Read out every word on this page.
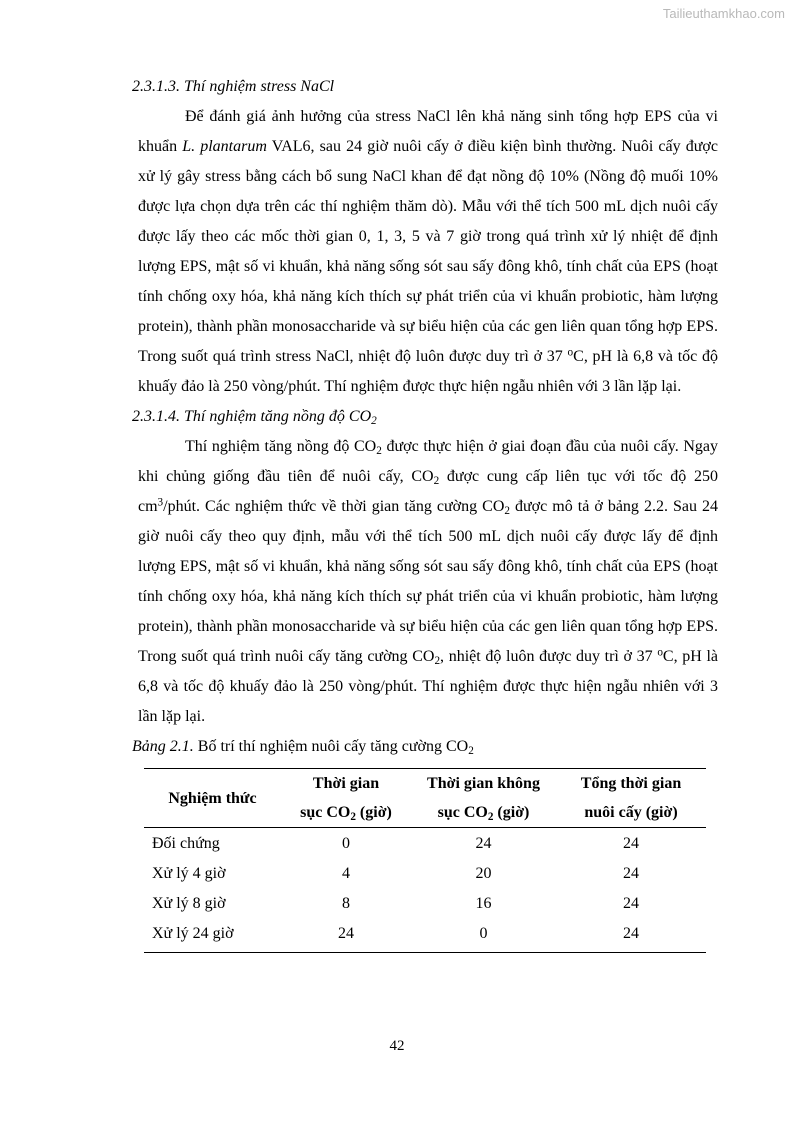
Tailieuthamkhao.com

2.3.1.3. Thí nghiệm stress NaCl

Để đánh giá ảnh hưởng của stress NaCl lên khả năng sinh tổng hợp EPS của vi khuẩn L. plantarum VAL6, sau 24 giờ nuôi cấy ở điều kiện bình thường. Nuôi cấy được xử lý gây stress bằng cách bổ sung NaCl khan để đạt nồng độ 10% (Nồng độ muối 10% được lựa chọn dựa trên các thí nghiệm thăm dò). Mẫu với thể tích 500 mL dịch nuôi cấy được lấy theo các mốc thời gian 0, 1, 3, 5 và 7 giờ trong quá trình xử lý nhiệt để định lượng EPS, mật số vi khuẩn, khả năng sống sót sau sấy đông khô, tính chất của EPS (hoạt tính chống oxy hóa, khả năng kích thích sự phát triển của vi khuẩn probiotic, hàm lượng protein), thành phần monosaccharide và sự biểu hiện của các gen liên quan tổng hợp EPS. Trong suốt quá trình stress NaCl, nhiệt độ luôn được duy trì ở 37 $^o$C, pH là 6,8 và tốc độ khuấy đảo là 250 vòng/phút. Thí nghiệm được thực hiện ngẫu nhiên với 3 lần lặp lại.

2.3.1.4. Thí nghiệm tăng nồng độ $CO_2$

Thí nghiệm tăng nồng độ $CO_2$ được thực hiện ở giai đoạn đầu của nuôi cấy. Ngay khi chủng giống đầu tiên để nuôi cấy, $CO_2$ được cung cấp liên tục với tốc độ 250 $cm^3$/phút. Các nghiệm thức về thời gian tăng cường $CO_2$ được mô tả ở bảng 2.2. Sau 24 giờ nuôi cấy theo quy định, mẫu với thể tích 500 mL dịch nuôi cấy được lấy để định lượng EPS, mật số vi khuẩn, khả năng sống sót sau sấy đông khô, tính chất của EPS (hoạt tính chống oxy hóa, khả năng kích thích sự phát triển của vi khuẩn probiotic, hàm lượng protein), thành phần monosaccharide và sự biểu hiện của các gen liên quan tổng hợp EPS. Trong suốt quá trình nuôi cấy tăng cường $CO_2$, nhiệt độ luôn được duy trì ở 37 $^o$C, pH là 6,8 và tốc độ khuấy đảo là 250 vòng/phút. Thí nghiệm được thực hiện ngẫu nhiên với 3 lần lặp lại.

Bảng 2.1. Bố trí thí nghiệm nuôi cấy tăng cường $CO_2$

Nghiệm thức	Thời gian	Thời gian không	Tổng thời gian
	sục $CO_2$ (giờ)	sục $CO_2$ (giờ)	nuôi cấy (giờ)
Đối chứng	0	24	24
Xử lý 4 giờ	4	20	24
Xử lý 8 giờ	8	16	24
Xử lý 24 giờ	24	0	24
42
